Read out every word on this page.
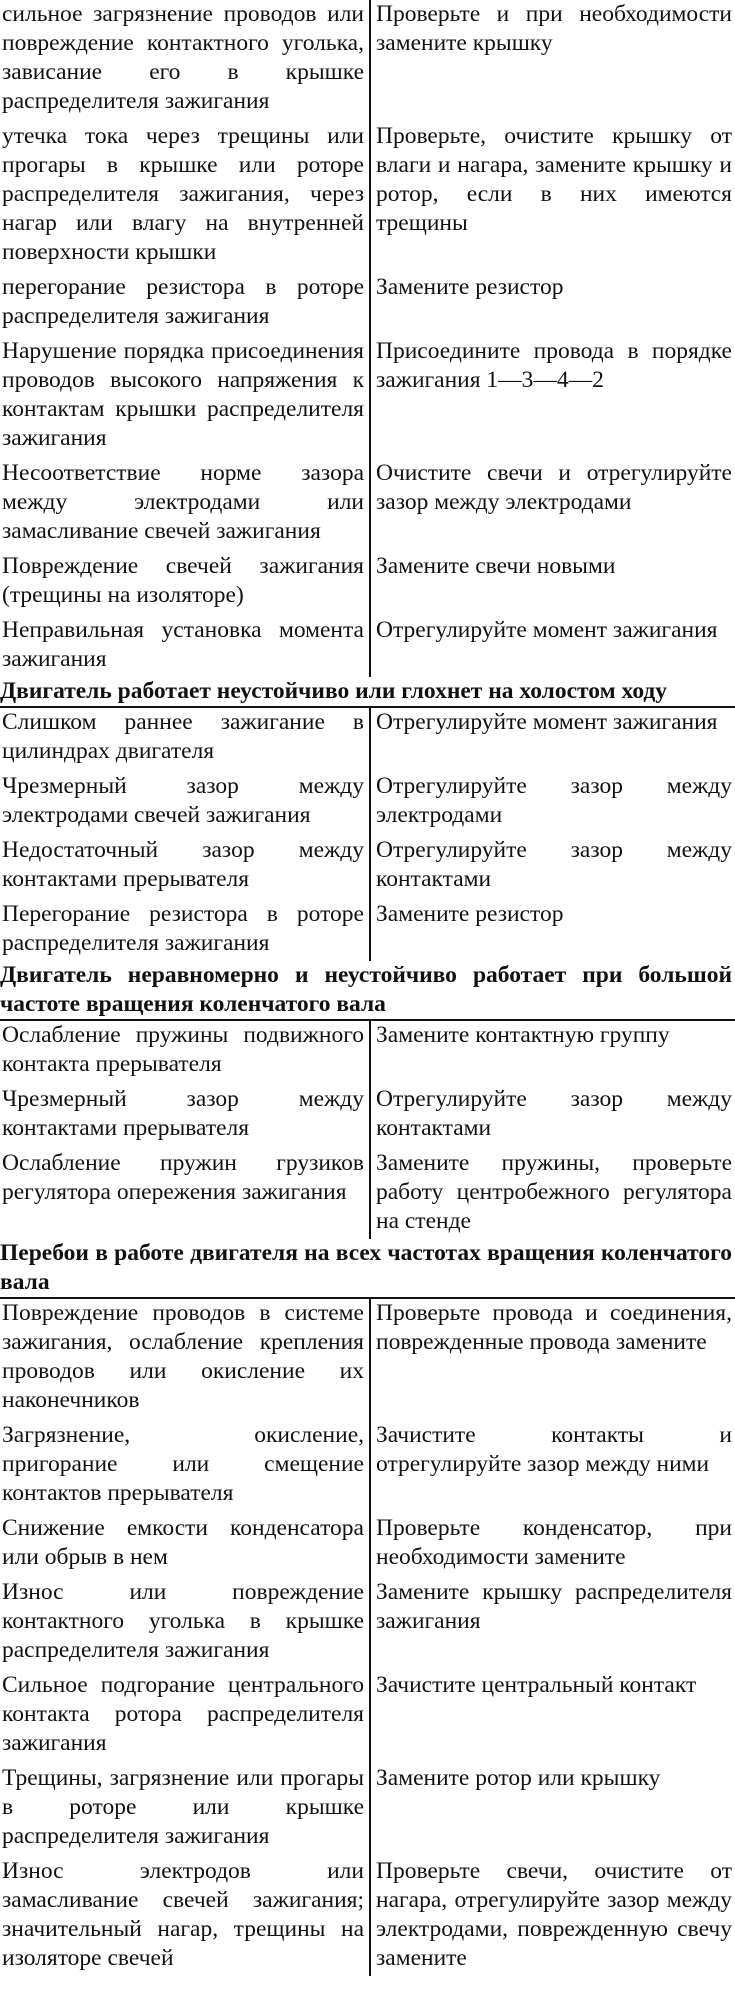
сильное загрязнение проводов или повреждение контактного уголька, зависание его в крышке распределителя зажигания	Проверьте и при необходимости замените крышку
утечка тока через трещины или прогары в крышке или роторе распределителя зажигания, через нагар или влагу на внутренней поверхности крышки	Проверьте, очистите крышку от влаги и нагара, замените крышку и ротор, если в них имеются трещины
перегорание резистора в роторе распределителя зажигания	Замените резистор
Нарушение порядка присоединения проводов высокого напряжения к контактам крышки распределителя зажигания	Присоедините провода в порядке зажигания 1—3—4—2
Несоответствие норме зазора между электродами или замасливание свечей зажигания	Очистите свечи и отрегулируйте зазор между электродами
Повреждение свечей зажигания (трещины на изоляторе)	Замените свечи новыми
Неправильная установка момента зажигания	Отрегулируйте момент зажигания
Двигатель работает неустойчиво или глохнет на холостом ходу	
Слишком раннее зажигание в цилиндрах двигателя	Отрегулируйте момент зажигания
Чрезмерный зазор между электродами свечей зажигания	Отрегулируйте зазор между электродами
Недостаточный зазор между контактами прерывателя	Отрегулируйте зазор между контактами
Перегорание резистора в роторе распределителя зажигания	Замените резистор
Двигатель неравномерно и неустойчиво работает при большой частоте вращения коленчатого вала	
Ослабление пружины подвижного контакта прерывателя	Замените контактную группу
Чрезмерный зазор между контактами прерывателя	Отрегулируйте зазор между контактами
Ослабление пружин грузиков регулятора опережения зажигания	Замените пружины, проверьте работу центробежного регулятора на стенде
Перебои в работе двигателя на всех частотах вращения коленчатого вала	
Повреждение проводов в системе зажигания, ослабление крепления проводов или окисление их наконечников	Проверьте провода и соединения, поврежденные провода замените
Загрязнение, окисление, пригорание или смещение контактов прерывателя	Зачистите контакты и отрегулируйте зазор между ними
Снижение емкости конденсатора или обрыв в нем	Проверьте конденсатор, при необходимости замените
Износ или повреждение контактного уголька в крышке распределителя зажигания	Замените крышку распределителя зажигания
Сильное подгорание центрального контакта ротора распределителя зажигания	Зачистите центральный контакт
Трещины, загрязнение или прогары в роторе или крышке распределителя зажигания	Замените ротор или крышку
Износ электродов или замасливание свечей зажигания; значительный нагар, трещины на изоляторе свечей	Проверьте свечи, очистите от нагара, отрегулируйте зазор между электродами, поврежденную свечу замените
